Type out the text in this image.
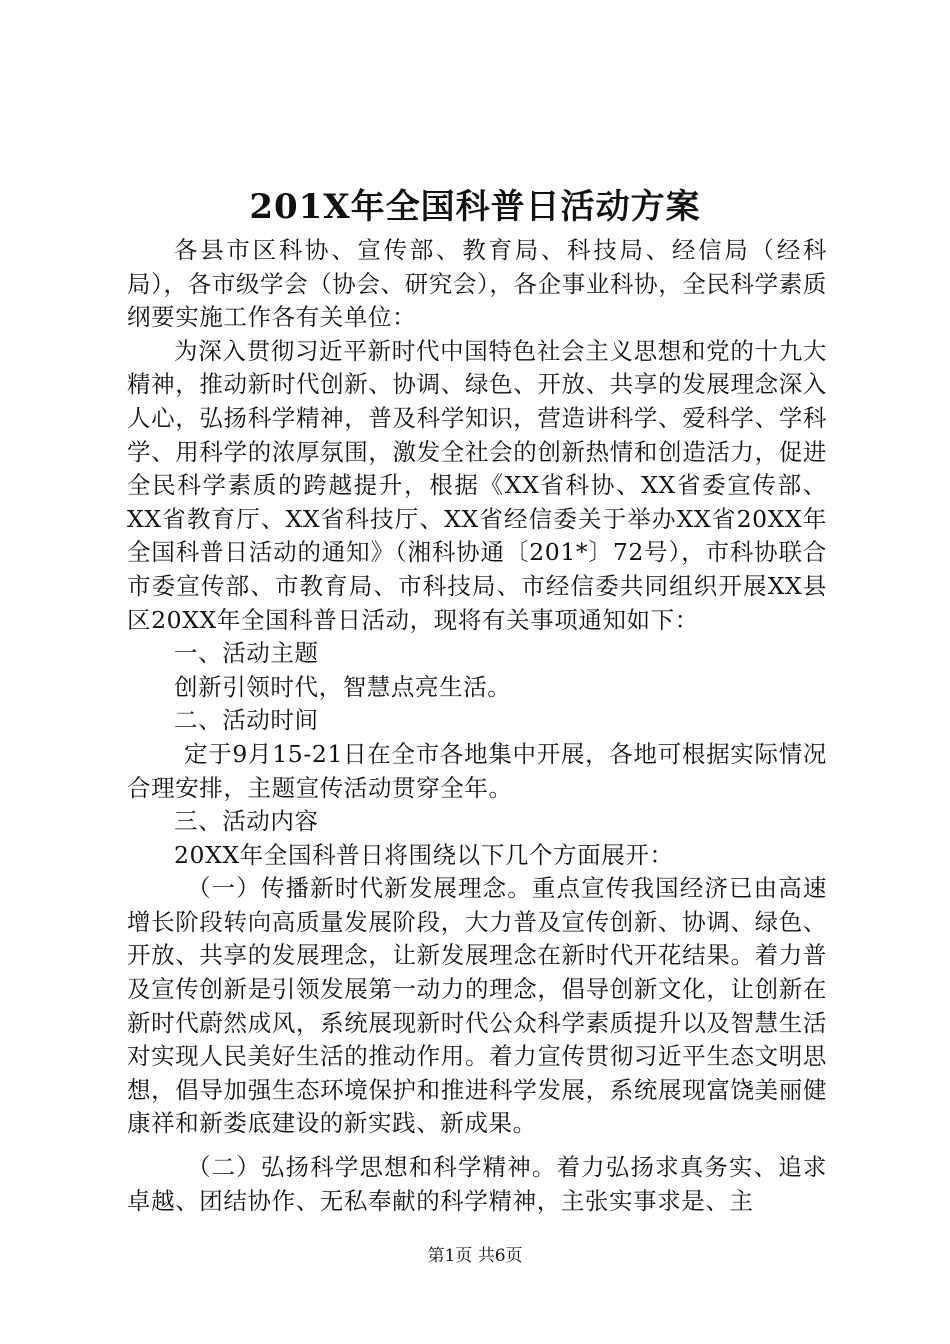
201X年全国科普日活动方案

各县市区科协、宣传部、教育局、科技局、经信局（经科局），各市级学会（协会、研究会），各企事业科协，全民科学素质纲要实施工作各有关单位：

为深入贯彻习近平新时代中国特色社会主义思想和党的十九大精神，推动新时代创新、协调、绿色、开放、共享的发展理念深入人心，弘扬科学精神，普及科学知识，营造讲科学、爱科学、学科学、用科学的浓厚氛围，激发全社会的创新热情和创造活力，促进全民科学素质的跨越提升，根据《XX省科协、XX省委宣传部、XX省教育厅、XX省科技厅、XX省经信委关于举办XX省20XX年全国科普日活动的通知》（湘科协通〔201*〕72号），市科协联合市委宣传部、市教育局、市科技局、市经信委共同组织开展XX县区20XX年全国科普日活动，现将有关事项通知如下：

一、活动主题

创新引领时代，智慧点亮生活。

二、活动时间

定于9月15-21日在全市各地集中开展，各地可根据实际情况合理安排，主题宣传活动贯穿全年。

三、活动内容

20XX年全国科普日将围绕以下几个方面展开：

（一）传播新时代新发展理念。重点宣传我国经济已由高速增长阶段转向高质量发展阶段，大力普及宣传创新、协调、绿色、开放、共享的发展理念，让新发展理念在新时代开花结果。着力普及宣传创新是引领发展第一动力的理念，倡导创新文化，让创新在新时代蔚然成风，系统展现新时代公众科学素质提升以及智慧生活对实现人民美好生活的推动作用。着力宣传贯彻习近平生态文明思想，倡导加强生态环境保护和推进科学发展，系统展现富饶美丽健康祥和新娄底建设的新实践、新成果。

（二）弘扬科学思想和科学精神。着力弘扬求真务实、追求卓越、团结协作、无私奉献的科学精神，主张实事求是、主

第1页 共6页
